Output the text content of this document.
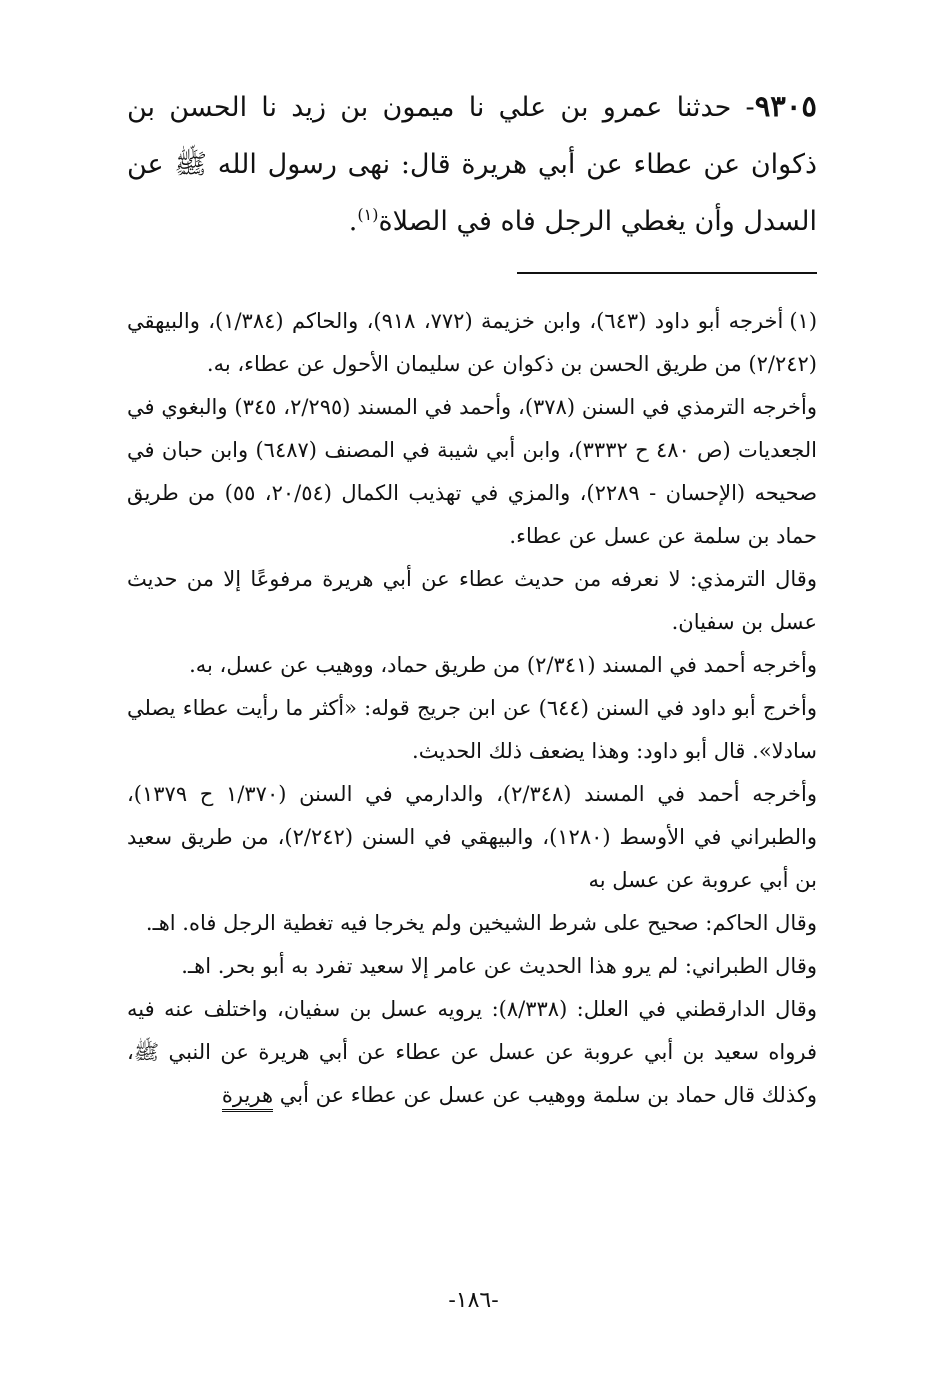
٩٣٠٥- حدثنا عمرو بن علي نا ميمون بن زيد نا الحسن بن ذكوان عن عطاء عن أبي هريرة قال: نهى رسول الله ﷺ عن السدل وأن يغطي الرجل فاه في الصلاة$^{(١)}$.

(١)أخرجه أبو داود (٦٤٣)، وابن خزيمة (٧٧٢، ٩١٨)، والحاكم (١/٣٨٤)، والبيهقي (٢/٢٤٢) من طريق الحسن بن ذكوان عن سليمان الأحول عن عطاء، به.

وأخرجه الترمذي في السنن (٣٧٨)، وأحمد في المسند (٢/٢٩٥، ٣٤٥) والبغوي في الجعديات (ص ٤٨٠ ح ٣٣٣٢)، وابن أبي شيبة في المصنف (٦٤٨٧) وابن حبان في صحيحه (الإحسان - ٢٢٨٩)، والمزي في تهذيب الكمال (٢٠/٥٤، ٥٥) من طريق حماد بن سلمة عن عسل عن عطاء.

وقال الترمذي: لا نعرفه من حديث عطاء عن أبي هريرة مرفوعًا إلا من حديث عسل بن سفيان.

وأخرجه أحمد في المسند (٢/٣٤١) من طريق حماد، ووهيب عن عسل، به.

وأخرج أبو داود في السنن (٦٤٤) عن ابن جريج قوله: «أكثر ما رأيت عطاء يصلي سادلا». قال أبو داود: وهذا يضعف ذلك الحديث.

وأخرجه أحمد في المسند (٢/٣٤٨)، والدارمي في السنن (١/٣٧٠ ح ١٣٧٩)، والطبراني في الأوسط (١٢٨٠)، والبيهقي في السنن (٢/٢٤٢)، من طريق سعيد بن أبي عروبة عن عسل به

وقال الحاكم: صحيح على شرط الشيخين ولم يخرجا فيه تغطية الرجل فاه. اهـ.

وقال الطبراني: لم يرو هذا الحديث عن عامر إلا سعيد تفرد به أبو بحر. اهـ.

وقال الدارقطني في العلل: (٨/٣٣٨): يرويه عسل بن سفيان، واختلف عنه فيه فرواه سعيد بن أبي عروبة عن عسل عن عطاء عن أبي هريرة عن النبي ﷺ، وكذلك قال حماد بن سلمة ووهيب عن عسل عن عطاء عن أبي هريرة

-١٨٦-
